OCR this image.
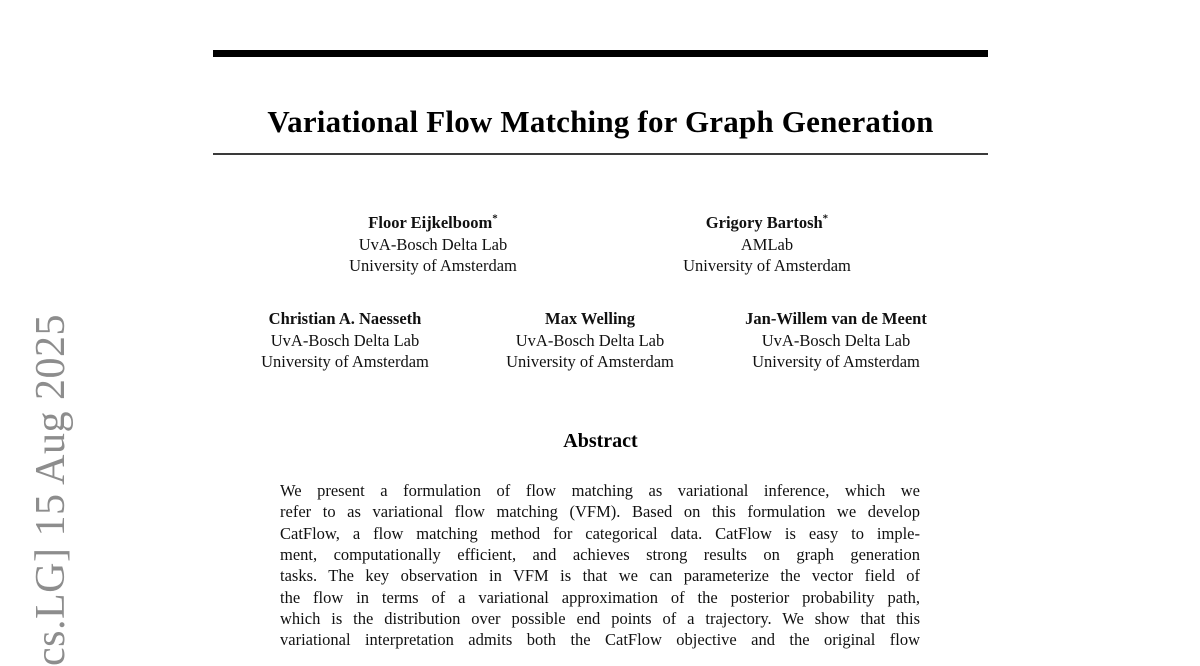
cs.LG] 15 Aug 2025
Variational Flow Matching for Graph Generation
Floor Eijkelboom*
UvA-Bosch Delta Lab
University of Amsterdam
Grigory Bartosh*
AMLab
University of Amsterdam
Christian A. Naesseth
UvA-Bosch Delta Lab
University of Amsterdam
Max Welling
UvA-Bosch Delta Lab
University of Amsterdam
Jan-Willem van de Meent
UvA-Bosch Delta Lab
University of Amsterdam
Abstract
We present a formulation of flow matching as variational inference, which we
refer to as variational flow matching (VFM). Based on this formulation we develop
CatFlow, a flow matching method for categorical data. CatFlow is easy to imple-
ment, computationally efficient, and achieves strong results on graph generation
tasks. The key observation in VFM is that we can parameterize the vector field of
the flow in terms of a variational approximation of the posterior probability path,
which is the distribution over possible end points of a trajectory. We show that this
variational interpretation admits both the CatFlow objective and the original flow
